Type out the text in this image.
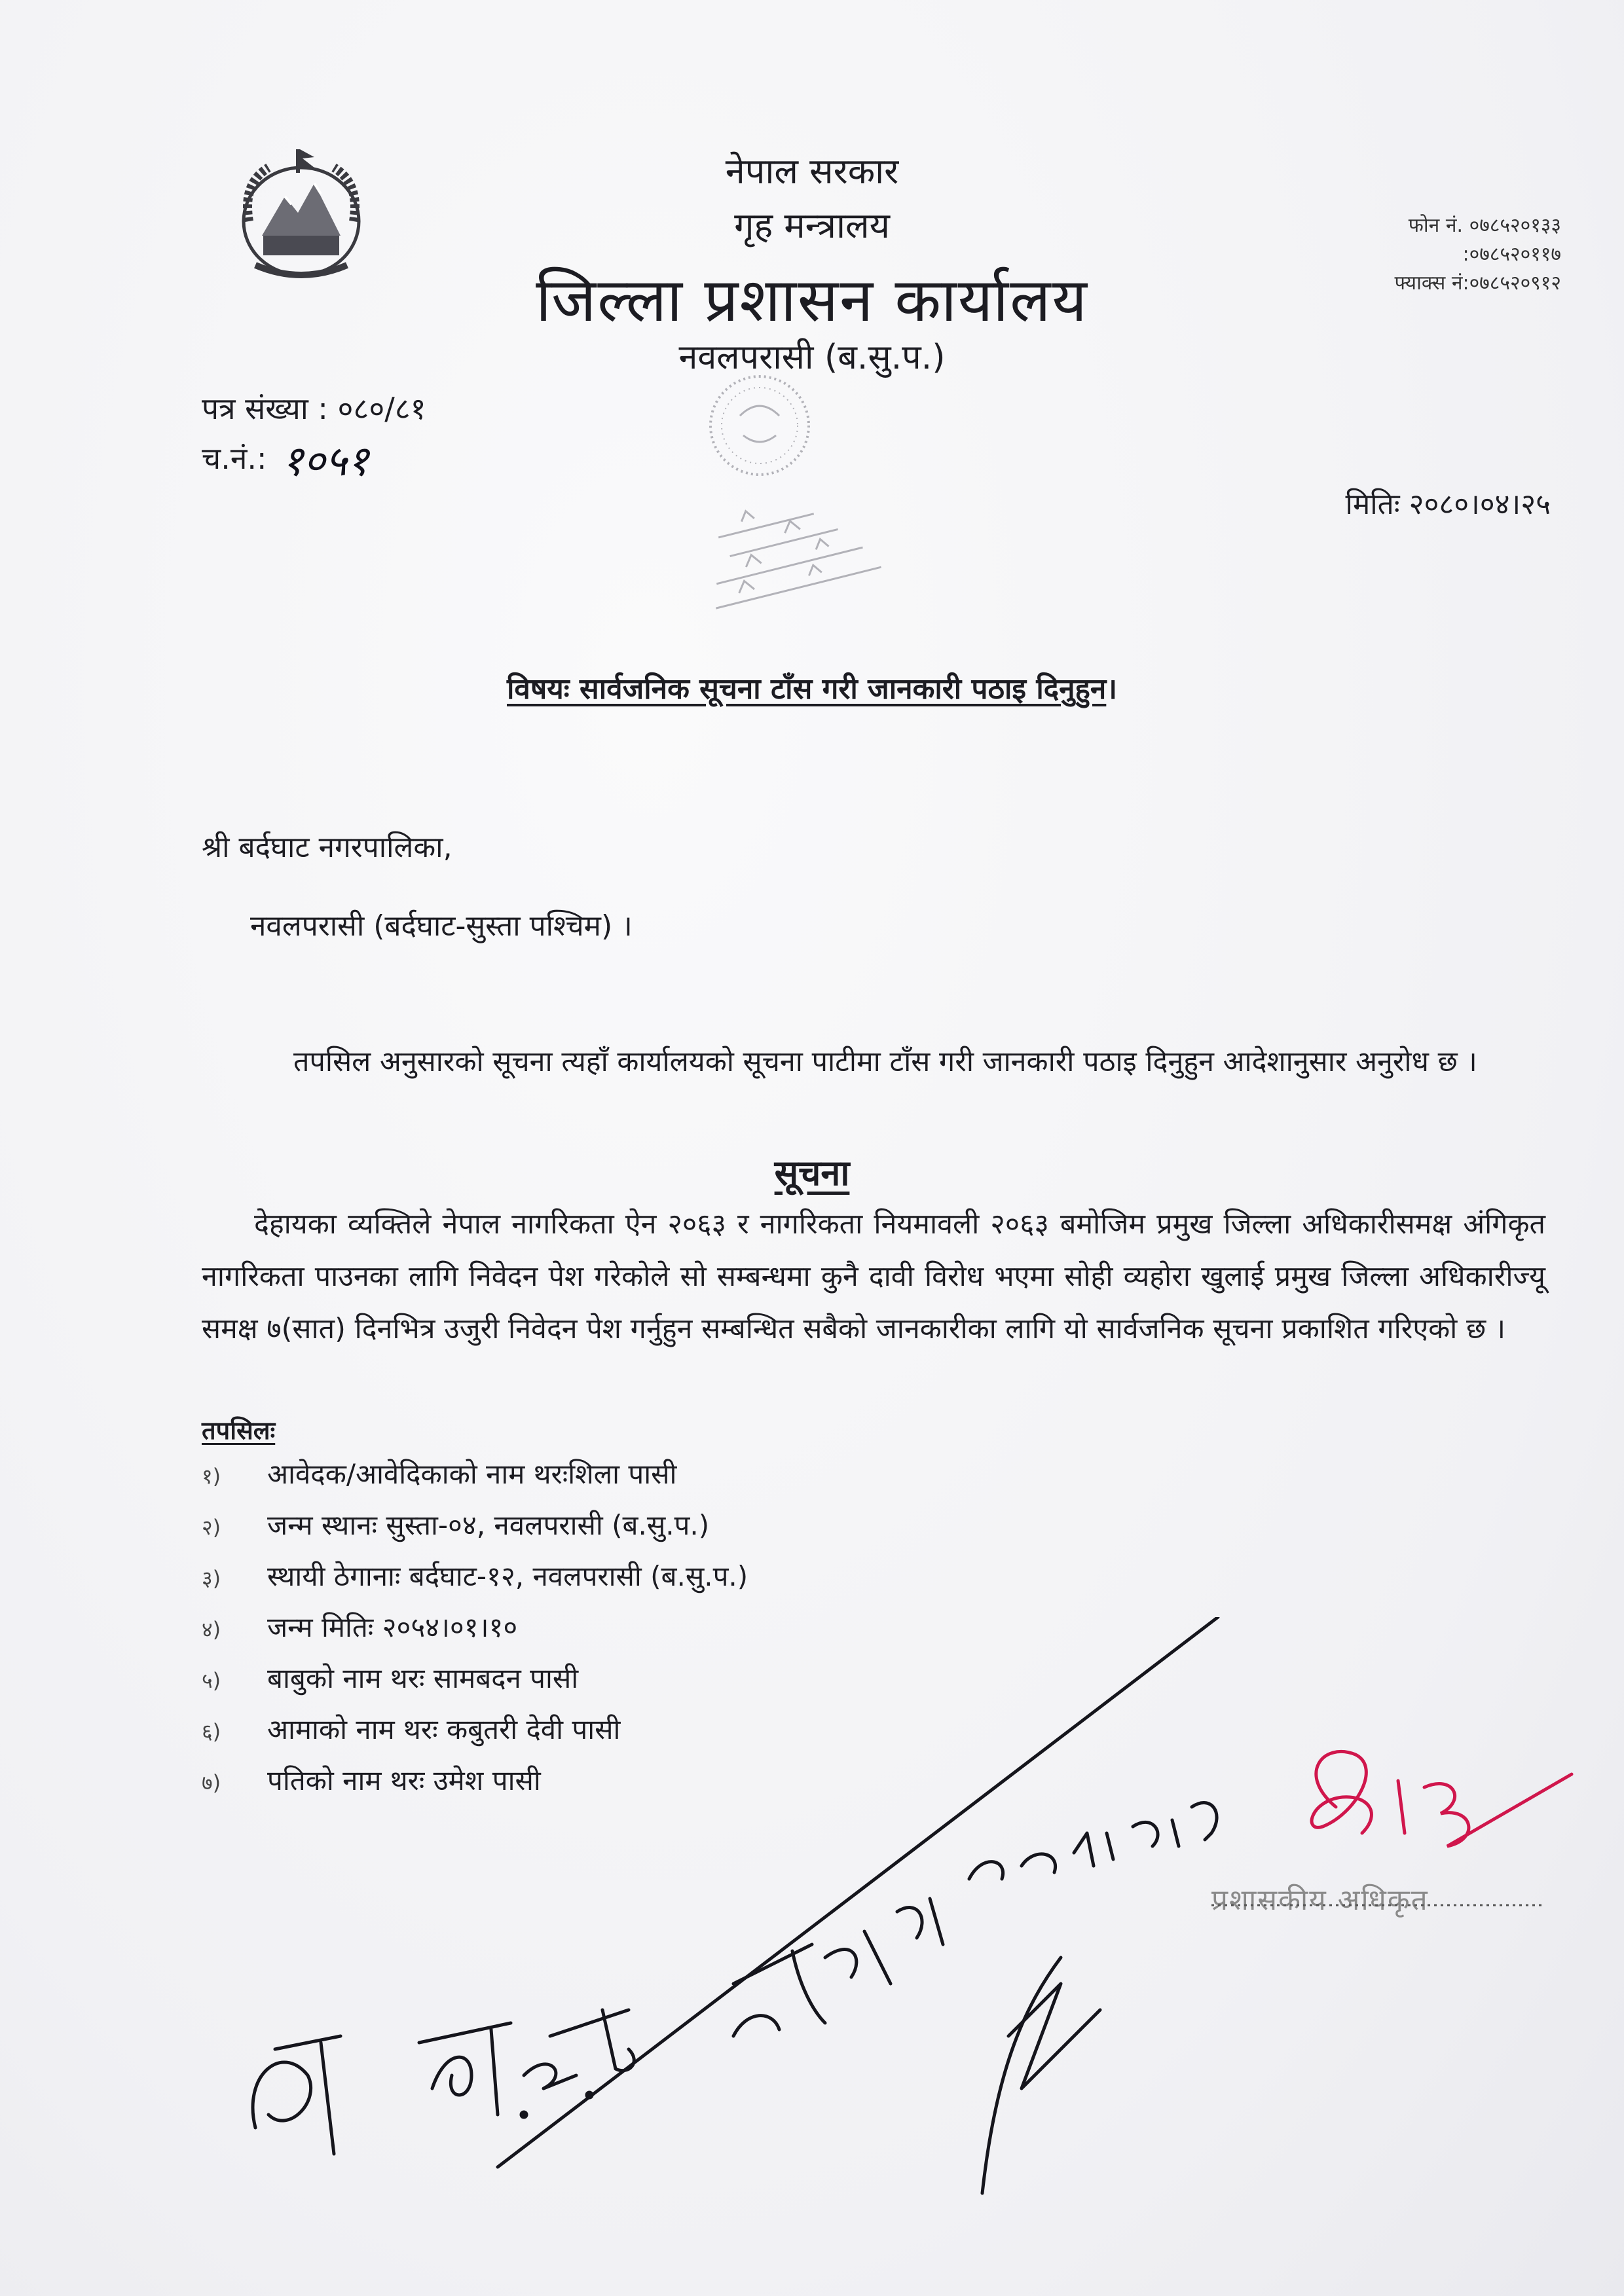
नेपाल सरकार
गृह मन्त्रालय
जिल्ला प्रशासन कार्यालय
नवलपरासी (ब.सु.प.)
फोन नं. ०७८५२०१३३
:०७८५२०११७
फ्याक्स नं:०७८५२०९१२
पत्र संख्या : ०८०/८१
च.नं.: १०५१
मितिः २०८०।०४।२५
विषयः सार्वजनिक सूचना टाँस गरी जानकारी पठाइ दिनुहुन।
श्री बर्दघाट नगरपालिका,
नवलपरासी (बर्दघाट-सुस्ता पश्चिम) ।
तपसिल अनुसारको सूचना त्यहाँ कार्यालयको सूचना पाटीमा टाँस गरी जानकारी पठाइ दिनुहुन आदेशानुसार अनुरोध छ ।
सूचना
देहायका व्यक्तिले नेपाल नागरिकता ऐन २०६३ र नागरिकता नियमावली २०६३ बमोजिम प्रमुख जिल्ला अधिकारीसमक्ष अंगिकृत नागरिकता पाउनका लागि निवेदन पेश गरेकोले सो सम्बन्धमा कुनै दावी विरोध भएमा सोही व्यहोरा खुलाई प्रमुख जिल्ला अधिकारीज्यू समक्ष ७(सात) दिनभित्र उजुरी निवेदन पेश गर्नुहुन सम्बन्धित सबैको जानकारीका लागि यो सार्वजनिक सूचना प्रकाशित गरिएको छ ।
तपसिलः
१) आवेदक/आवेदिकाको नाम थरःशिला पासी
२) जन्म स्थानः सुस्ता-०४, नवलपरासी (ब.सु.प.)
३) स्थायी ठेगानाः बर्दघाट-१२, नवलपरासी (ब.सु.प.)
४) जन्म मितिः २०५४।०१।१०
५) बाबुको नाम थरः सामबदन पासी
६) आमाको नाम थरः कबुतरी देवी पासी
७) पतिको नाम थरः उमेश पासी
प्रशासकीय अधिकृत
